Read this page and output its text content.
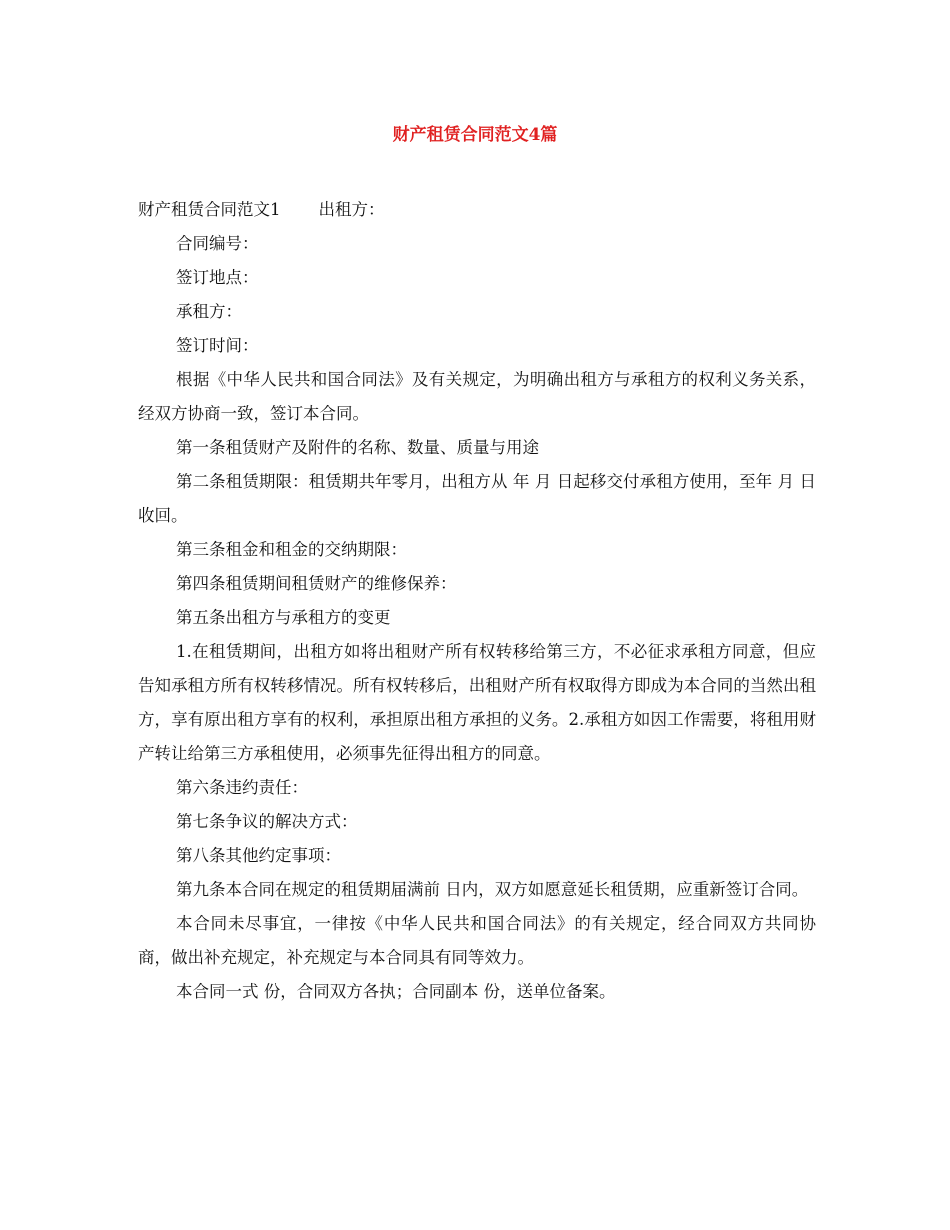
财产租赁合同范文4篇

财产租赁合同范文1 出租方：

合同编号：

签订地点：

承租方：

签订时间：

根据《中华人民共和国合同法》及有关规定，为明确出租方与承租方的权利义务关系，经双方协商一致，签订本合同。

第一条租赁财产及附件的名称、数量、质量与用途

第二条租赁期限：租赁期共年零月，出租方从 年 月 日起移交付承租方使用，至年 月 日收回。

第三条租金和租金的交纳期限：

第四条租赁期间租赁财产的维修保养：

第五条出租方与承租方的变更

1.在租赁期间，出租方如将出租财产所有权转移给第三方，不必征求承租方同意，但应告知承租方所有权转移情况。所有权转移后，出租财产所有权取得方即成为本合同的当然出租方，享有原出租方享有的权利，承担原出租方承担的义务。2.承租方如因工作需要，将租用财产转让给第三方承租使用，必须事先征得出租方的同意。

第六条违约责任：

第七条争议的解决方式：

第八条其他约定事项：

第九条本合同在规定的租赁期届满前 日内，双方如愿意延长租赁期，应重新签订合同。

本合同未尽事宜，一律按《中华人民共和国合同法》的有关规定，经合同双方共同协商，做出补充规定，补充规定与本合同具有同等效力。

本合同一式 份，合同双方各执；合同副本 份，送单位备案。
